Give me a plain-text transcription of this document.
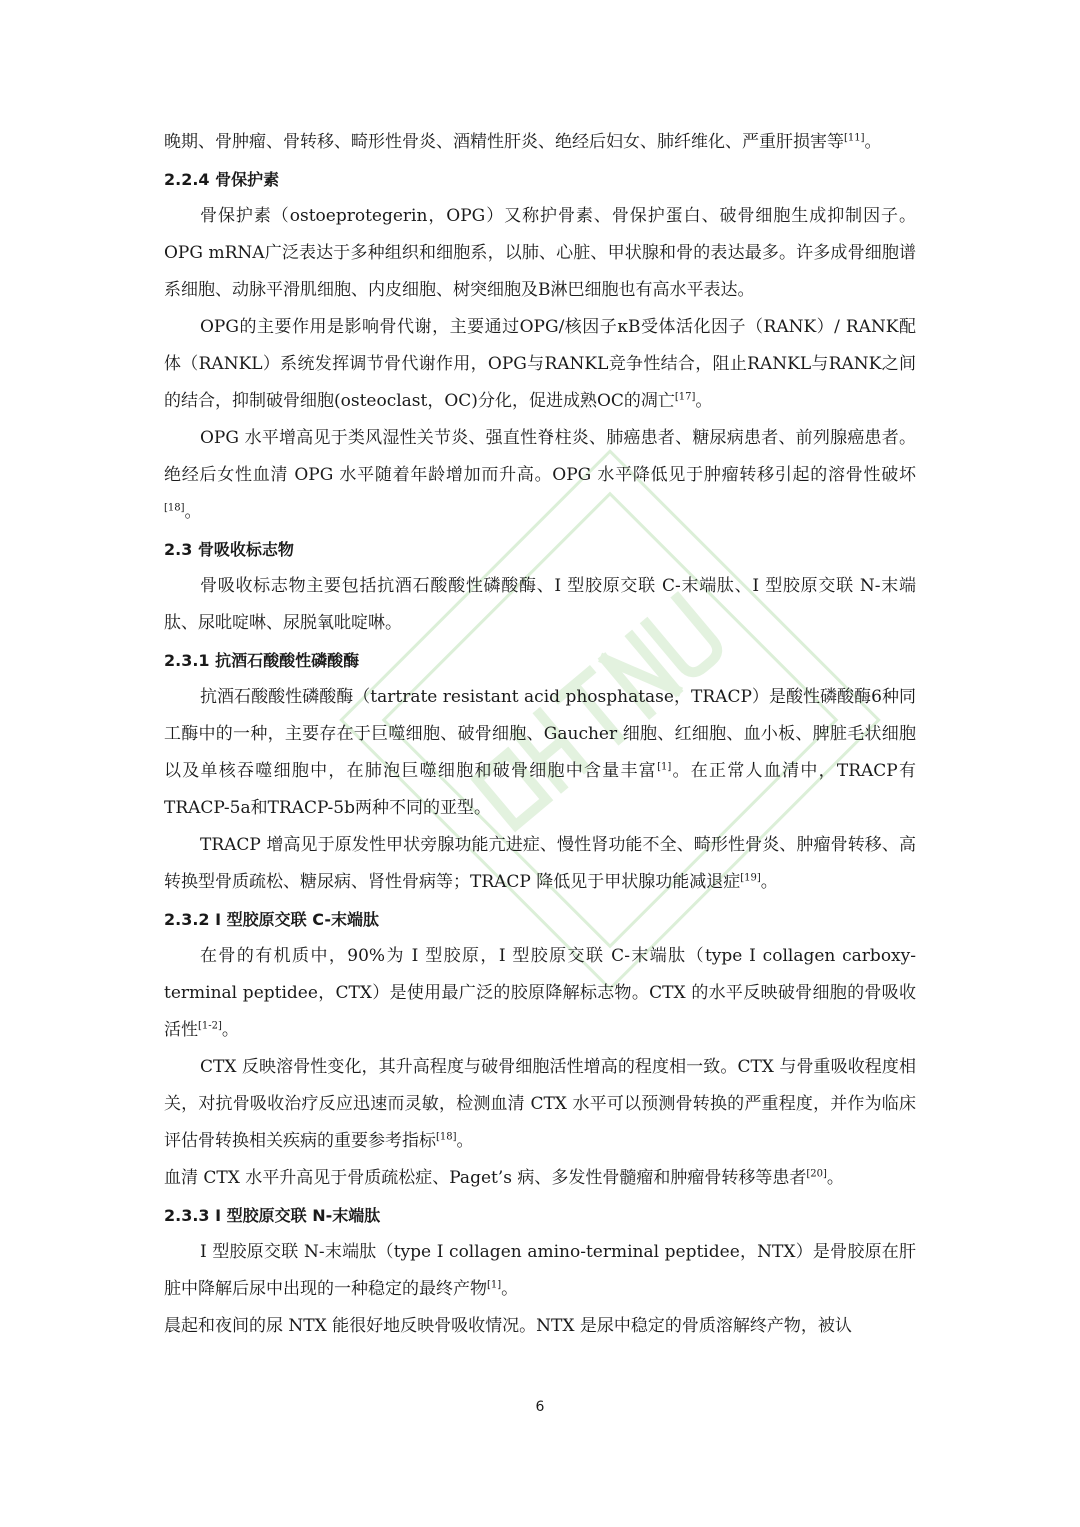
晚期、骨肿瘤、骨转移、畸形性骨炎、酒精性肝炎、绝经后妇女、肺纤维化、严重肝损害等[11]。

2.2.4 骨保护素

骨保护素（ostoeprotegerin，OPG）又称护骨素、骨保护蛋白、破骨细胞生成抑制因子。OPG mRNA广泛表达于多种组织和细胞系，以肺、心脏、甲状腺和骨的表达最多。许多成骨细胞谱系细胞、动脉平滑肌细胞、内皮细胞、树突细胞及B淋巴细胞也有高水平表达。

OPG的主要作用是影响骨代谢，主要通过OPG/核因子κB受体活化因子（RANK）/ RANK配体（RANKL）系统发挥调节骨代谢作用，OPG与RANKL竞争性结合，阻止RANKL与RANK之间的结合，抑制破骨细胞(osteoclast，OC)分化，促进成熟OC的凋亡[17]。

OPG 水平增高见于类风湿性关节炎、强直性脊柱炎、肺癌患者、糖尿病患者、前列腺癌患者。绝经后女性血清 OPG 水平随着年龄增加而升高。OPG 水平降低见于肿瘤转移引起的溶骨性破坏[18]。

2.3 骨吸收标志物

骨吸收标志物主要包括抗酒石酸酸性磷酸酶、I 型胶原交联 C-末端肽、I 型胶原交联 N-末端肽、尿吡啶啉、尿脱氧吡啶啉。

2.3.1 抗酒石酸酸性磷酸酶

抗酒石酸酸性磷酸酶（tartrate resistant acid phosphatase，TRACP）是酸性磷酸酶6种同工酶中的一种，主要存在于巨噬细胞、破骨细胞、Gaucher 细胞、红细胞、血小板、脾脏毛状细胞以及单核吞噬细胞中，在肺泡巨噬细胞和破骨细胞中含量丰富[1]。在正常人血清中，TRACP有TRACP-5a和TRACP-5b两种不同的亚型。

TRACP 增高见于原发性甲状旁腺功能亢进症、慢性肾功能不全、畸形性骨炎、肿瘤骨转移、高转换型骨质疏松、糖尿病、肾性骨病等；TRACP 降低见于甲状腺功能减退症[19]。

2.3.2 I 型胶原交联 C-末端肽

在骨的有机质中，90%为 I 型胶原，I 型胶原交联 C-末端肽（type I collagen carboxy-terminal peptidee，CTX）是使用最广泛的胶原降解标志物。CTX 的水平反映破骨细胞的骨吸收活性[1-2]。

CTX 反映溶骨性变化，其升高程度与破骨细胞活性增高的程度相一致。CTX 与骨重吸收程度相关，对抗骨吸收治疗反应迅速而灵敏，检测血清 CTX 水平可以预测骨转换的严重程度，并作为临床评估骨转换相关疾病的重要参考指标[18]。

血清 CTX 水平升高见于骨质疏松症、Paget’s 病、多发性骨髓瘤和肿瘤骨转移等患者[20]。

2.3.3 I 型胶原交联 N-末端肽

I 型胶原交联 N-末端肽（type I collagen amino-terminal peptidee，NTX）是骨胶原在肝脏中降解后尿中出现的一种稳定的最终产物[1]。

晨起和夜间的尿 NTX 能很好地反映骨吸收情况。NTX 是尿中稳定的骨质溶解终产物，被认

6
